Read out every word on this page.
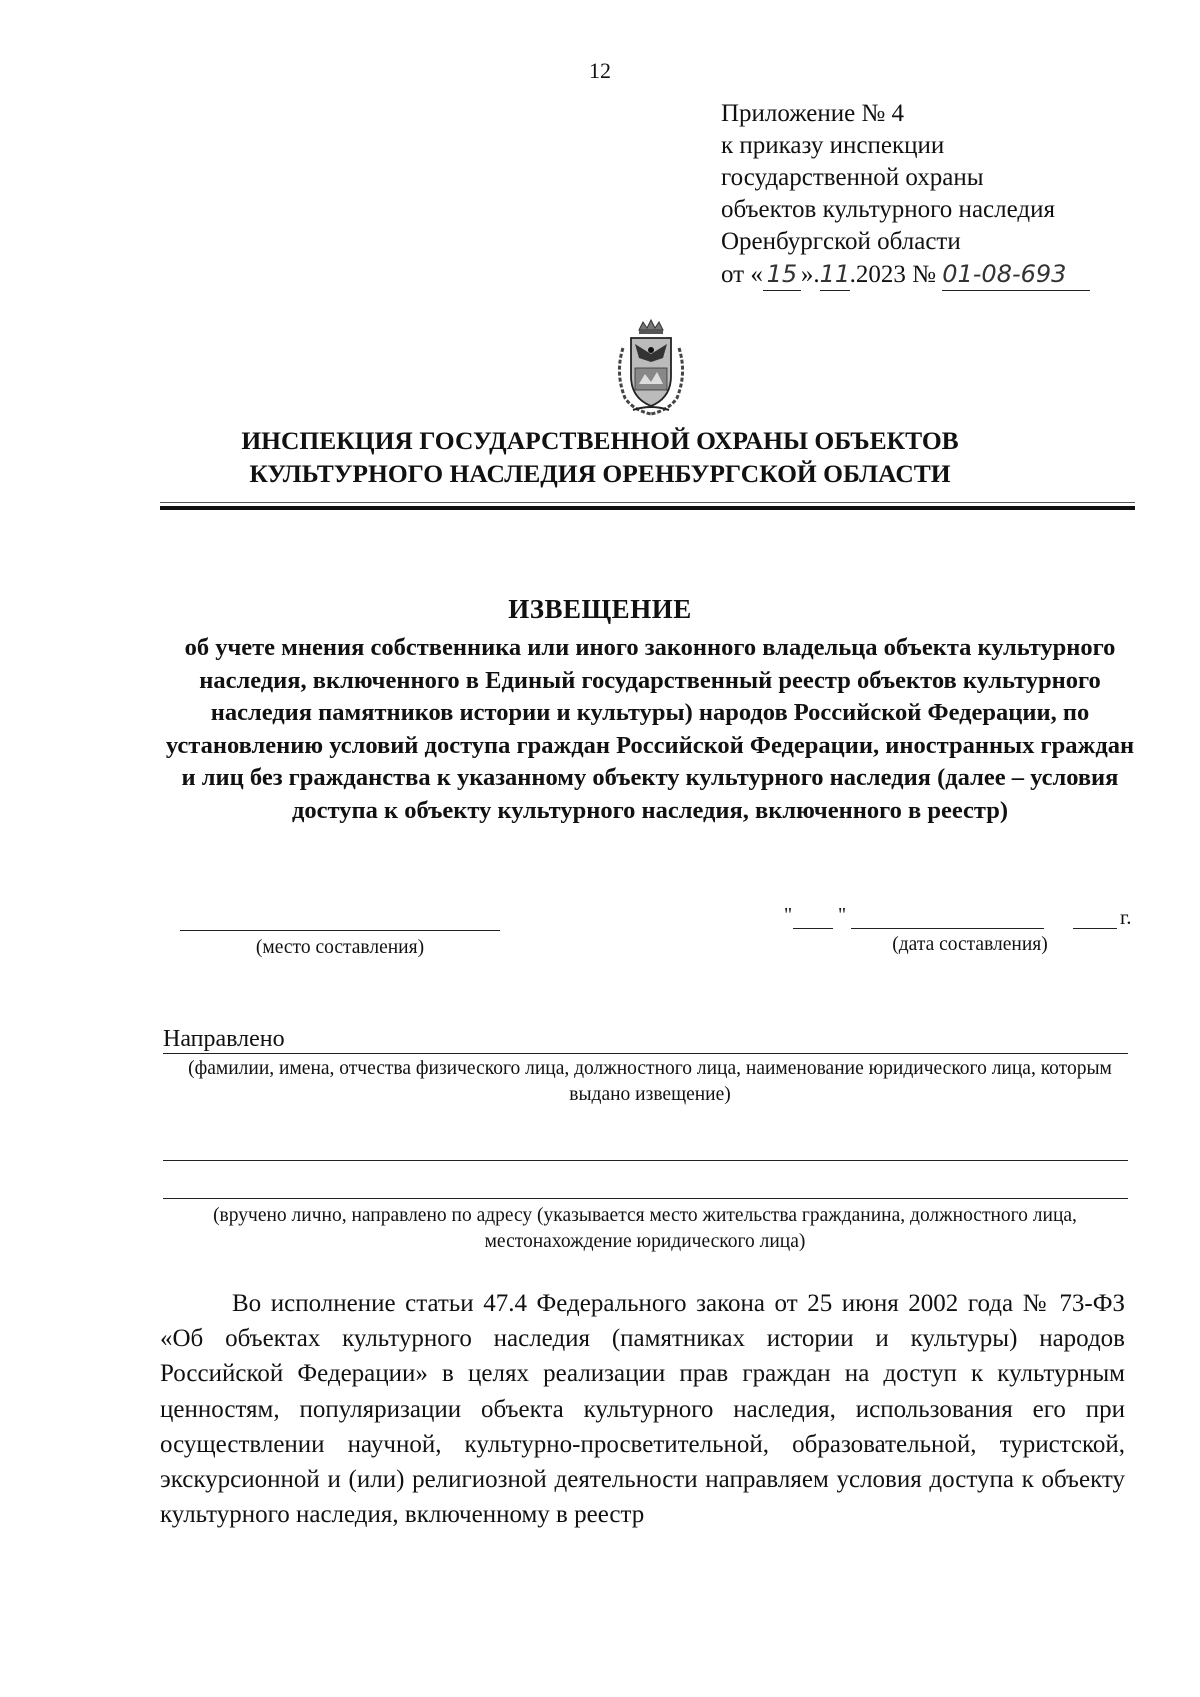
12
Приложение № 4
к приказу инспекции
государственной охраны
объектов культурного наследия
Оренбургской области
от « 15 ».11.2023 № 01-08-693
ИНСПЕКЦИЯ ГОСУДАРСТВЕННОЙ ОХРАНЫ ОБЪЕКТОВ
КУЛЬТУРНОГО НАСЛЕДИЯ ОРЕНБУРГСКОЙ ОБЛАСТИ
ИЗВЕЩЕНИЕ
об учете мнения собственника или иного законного владельца объекта культурного наследия, включенного в Единый государственный реестр объектов культурного наследия памятников истории и культуры) народов Российской Федерации, по установлению условий доступа граждан Российской Федерации, иностранных граждан и лиц без гражданства к указанному объекту культурного наследия (далее – условия доступа к объекту культурного наследия, включенного в реестр)
(место составления)
" "	г.
(дата составления)
Направлено
(фамилии, имена, отчества физического лица, должностного лица, наименование юридического лица, которым выдано извещение)
(вручено лично, направлено по адресу (указывается место жительства гражданина, должностного лица, местонахождение юридического лица)

Во исполнение статьи 47.4 Федерального закона от 25 июня 2002 года № 73-ФЗ «Об объектах культурного наследия (памятниках истории и культуры) народов Российской Федерации» в целях реализации прав граждан на доступ к культурным ценностям, популяризации объекта культурного наследия, использования его при осуществлении научной, культурно-просветительной, образовательной, туристской, экскурсионной и (или) религиозной деятельности направляем условия доступа к объекту культурного наследия, включенному в реестр
